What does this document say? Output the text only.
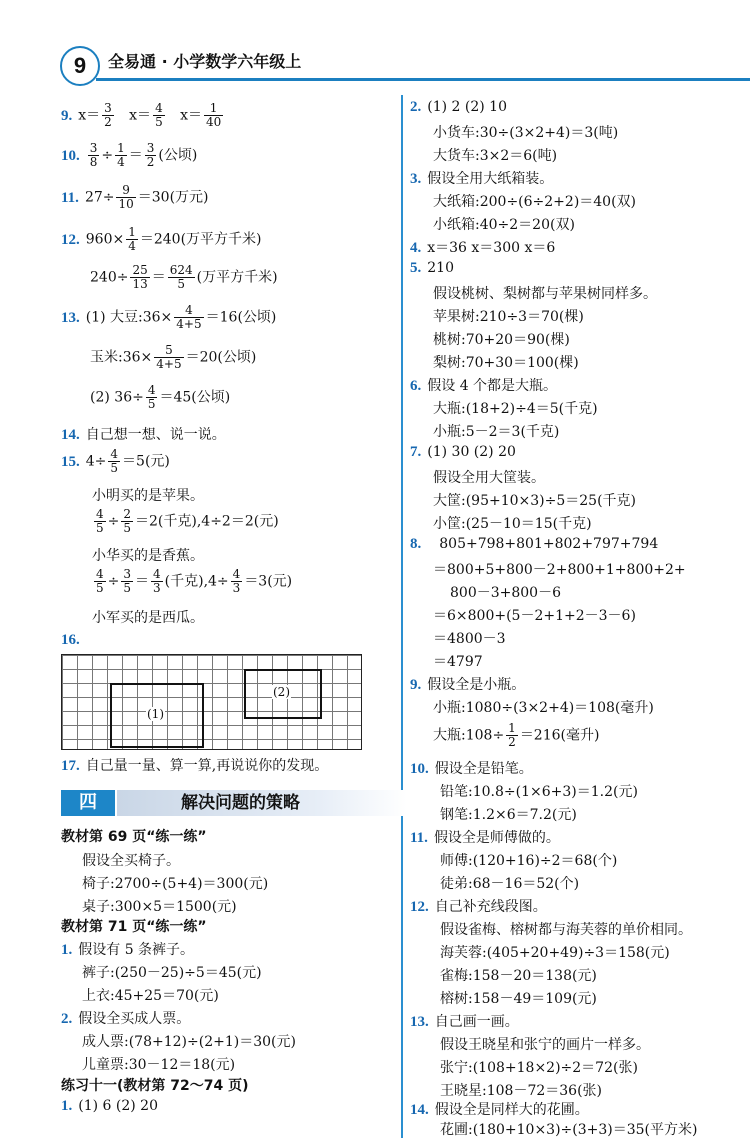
9	全易通 · 小学数学六年级上
9. $x= \frac{3}{2} x= \frac{4}{5} x= \frac{1}{40}$
10. $\frac{3}{8} \div \frac{1}{4} = \frac{3}{2}$ (公顷)
11. $27\div \frac{9}{10} =30$(万元)
12. $960\times \frac{1}{4} =240$(万平方千米)
$240\div \frac{25}{13} = \frac{624}{5}$ (万平方千米)
13. (1) 大豆:36× $\frac{4}{4+5} =16$(公顷)
玉米:36× $\frac{5}{4+5} =20$(公顷)
(2) $36\div \frac{4}{5} =45$(公顷)
14. 自己想一想、说一说。
15. $4\div \frac{4}{5} =5$(元)
小明买的是苹果。
$\frac{4}{5} \div \frac{2}{5} =2$(千克),4÷2＝2(元)
小华买的是香蕉。
$\frac{4}{5} \div \frac{3}{5} = \frac{4}{3}$ (千克)$,4\div \frac{4}{3} =3$(元)
小军买的是西瓜。
16.
(1)
(2)
17. 自己量一量、算一算,再说说你的发现。
四	解决问题的策略
教材第 69 页“练一练”
假设全买椅子。
椅子:2700÷(5+4)＝300(元)
桌子:300×5＝1500(元)
教材第 71 页“练一练”
1. 假设有 5 条裤子。
裤子:(250－25)÷5＝45(元)
上衣:45+25＝70(元)
2. 假设全买成人票。
成人票:(78+12)÷(2+1)＝30(元)
儿童票:30－12＝18(元)
练习十一(教材第 72～74 页)
1. (1) 6 (2) 20
2. (1) 2 (2) 10
小货车:30÷(3×2+4)＝3(吨)
大货车:3×2＝6(吨)
3. 假设全用大纸箱装。
大纸箱:200÷(6÷2+2)＝40(双)
小纸箱:40÷2＝20(双)
4. x＝36 x＝300 x＝6
5. 210
假设桃树、梨树都与苹果树同样多。
苹果树:210÷3＝70(棵)
桃树:70+20＝90(棵)
梨树:70+30＝100(棵)
6. 假设 4 个都是大瓶。
大瓶:(18+2)÷4＝5(千克)
小瓶:5－2＝3(千克)
7. (1) 30 (2) 20
假设全用大筐装。
大筐:(95+10×3)÷5＝25(千克)
小筐:(25－10＝15(千克)
8. 805+798+801+802+797+794
＝800+5+800－2+800+1+800+2+
800－3+800－6
＝6×800+(5－2+1+2－3－6)
＝4800－3
＝4797
9. 假设全是小瓶。
小瓶:1080÷(3×2+4)＝108(毫升)
大瓶:108÷ $\frac{1}{2} =216$(毫升)
10. 假设全是铅笔。
铅笔:10.8÷(1×6+3)＝1.2(元)
钢笔:1.2×6＝7.2(元)
11. 假设全是师傅做的。
师傅:(120+16)÷2＝68(个)
徒弟:68－16＝52(个)
12. 自己补充线段图。
假设雀梅、榕树都与海芙蓉的单价相同。
海芙蓉:(405+20+49)÷3＝158(元)
雀梅:158－20＝138(元)
榕树:158－49＝109(元)
13. 自己画一画。
假设王晓星和张宁的画片一样多。
张宁:(108+18×2)÷2＝72(张)
王晓星:108－72＝36(张)
14. 假设全是同样大的花圃。
花圃:(180+10×3)÷(3+3)＝35(平方米)
